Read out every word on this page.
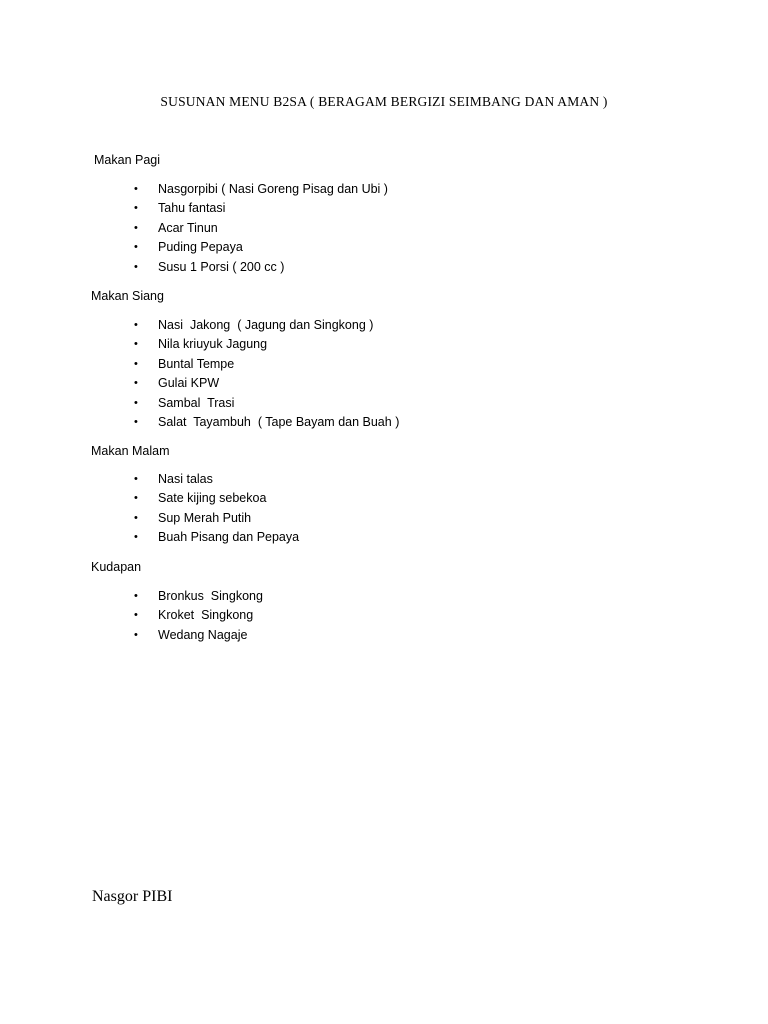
SUSUNAN MENU B2SA ( BERAGAM BERGIZI SEIMBANG DAN AMAN )
Makan Pagi
• Nasgorpibi ( Nasi Goreng Pisag dan Ubi )
• Tahu fantasi
• Acar Tinun
• Puding Pepaya
• Susu 1 Porsi ( 200 cc )
Makan Siang
• Nasi  Jakong  ( Jagung dan Singkong )
• Nila kriuyuk Jagung
• Buntal Tempe
• Gulai KPW
• Sambal  Trasi
• Salat  Tayambuh  ( Tape Bayam dan Buah )
Makan Malam
• Nasi talas
• Sate kijing sebekoa
• Sup Merah Putih
• Buah Pisang dan Pepaya
Kudapan
• Bronkus  Singkong
• Kroket  Singkong
• Wedang Nagaje
Nasgor PIBI
